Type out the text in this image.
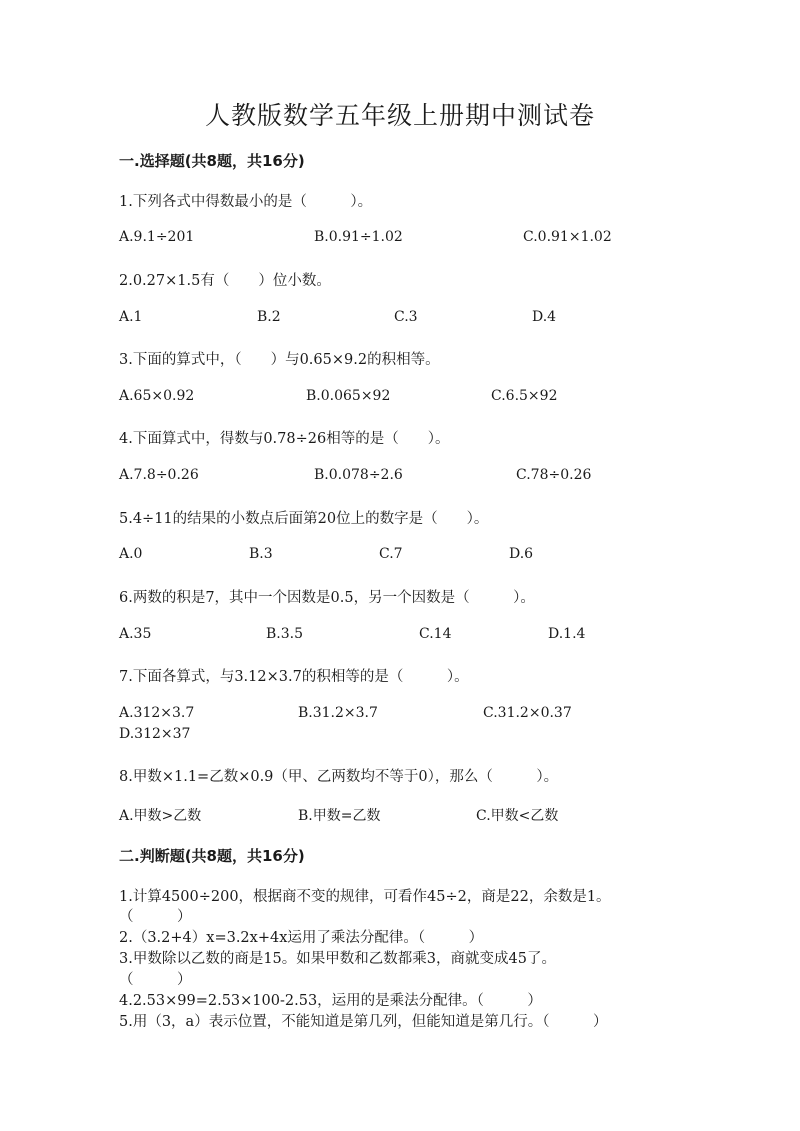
人教版数学五年级上册期中测试卷
一.选择题(共8题，共16分)
1.下列各式中得数最小的是（　　　）。
A.9.1÷201	B.0.91÷1.02	C.0.91×1.02
2.0.27×1.5有（　　）位小数。
A.1	B.2	C.3	D.4
3.下面的算式中，（　　）与0.65×9.2的积相等。
A.65×0.92	B.0.065×92	C.6.5×92
4.下面算式中，得数与0.78÷26相等的是（　　）。
A.7.8÷0.26	B.0.078÷2.6	C.78÷0.26
5.4÷11的结果的小数点后面第20位上的数字是（　　）。
A.0	B.3	C.7	D.6
6.两数的积是7，其中一个因数是0.5，另一个因数是（　　　）。
A.35	B.3.5	C.14	D.1.4
7.下面各算式，与3.12×3.7的积相等的是（　　　）。
A.312×3.7	B.31.2×3.7	C.31.2×0.37
D.312×37
8.甲数×1.1=乙数×0.9（甲、乙两数均不等于0），那么（　　　）。
A.甲数>乙数	B.甲数=乙数	C.甲数<乙数
二.判断题(共8题，共16分)
1.计算4500÷200，根据商不变的规律，可看作45÷2，商是22，余数是1。
（　　　）
2.（3.2+4）x=3.2x+4x运用了乘法分配律。（　　　）
3.甲数除以乙数的商是15。如果甲数和乙数都乘3，商就变成45了。
（　　　）
4.2.53×99=2.53×100-2.53，运用的是乘法分配律。（　　　）
5.用（3，a）表示位置，不能知道是第几列，但能知道是第几行。（　　　）
